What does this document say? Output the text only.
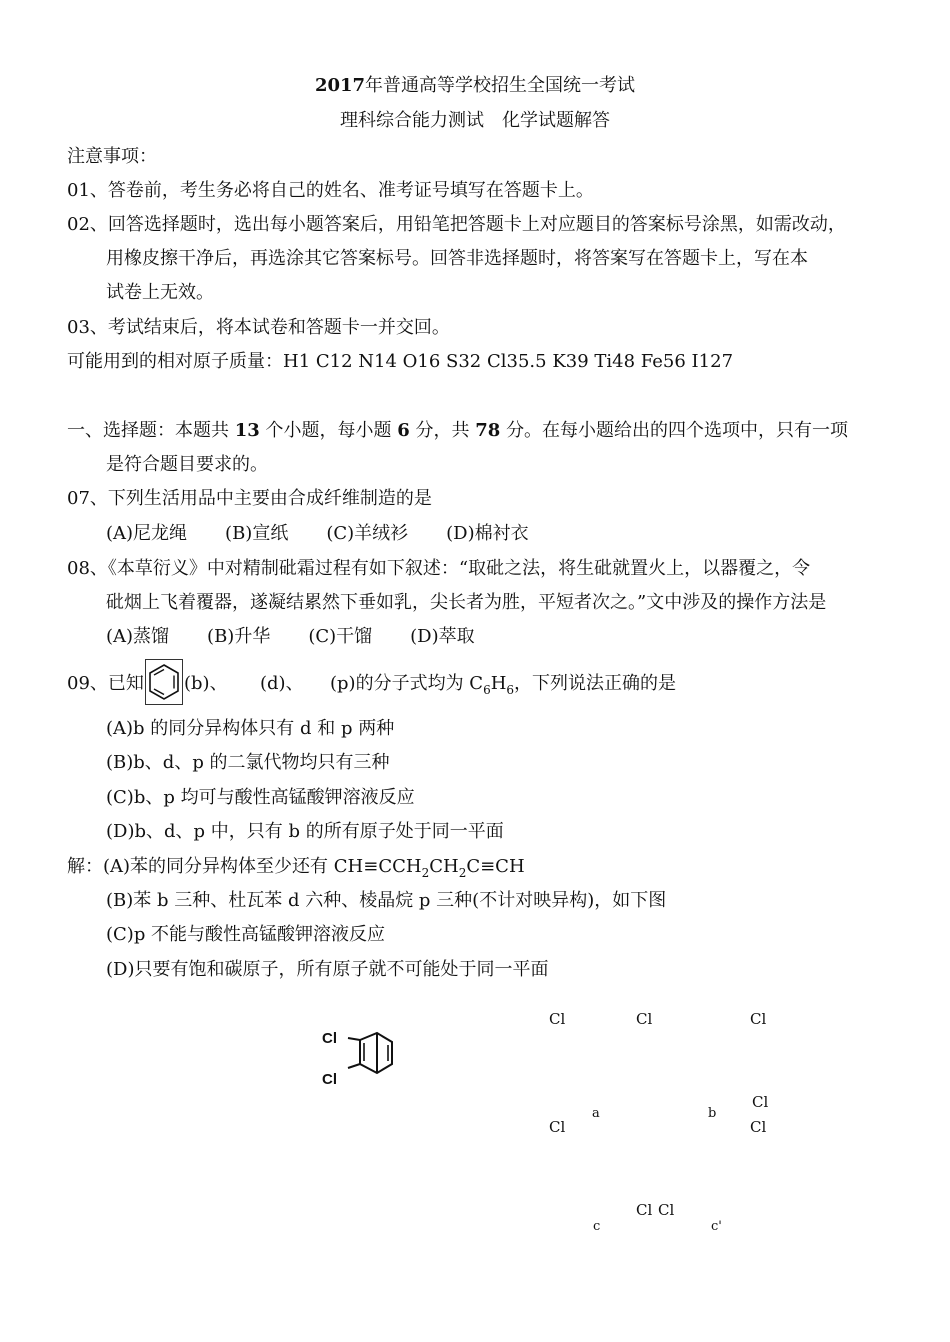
2017年普通高等学校招生全国统一考试
理科综合能力测试　化学试题解答
注意事项：
01、答卷前，考生务必将自己的姓名、准考证号填写在答题卡上。
02、回答选择题时，选出每小题答案后，用铅笔把答题卡上对应题目的答案标号涂黑，如需改动，
用橡皮擦干净后，再选涂其它答案标号。回答非选择题时，将答案写在答题卡上，写在本
试卷上无效。
03、考试结束后，将本试卷和答题卡一并交回。
可能用到的相对原子质量：H1 C12 N14 O16 S32 Cl35.5 K39 Ti48 Fe56 I127
一、选择题：本题共 13 个小题，每小题 6 分，共 78 分。在每小题给出的四个选项中，只有一项
是符合题目要求的。
07、下列生活用品中主要由合成纤维制造的是
(A)尼龙绳 (B)宣纸 (C)羊绒衫 (D)棉衬衣
08、《本草衍义》中对精制砒霜过程有如下叙述：“取砒之法，将生砒就置火上，以器覆之，令
砒烟上飞着覆器，遂凝结累然下垂如乳，尖长者为胜，平短者次之。”文中涉及的操作方法是
(A)蒸馏 (B)升华 (C)干馏 (D)萃取
09、已知 (b)、 (d)、 (p)的分子式均为 $C_6H_6$，下列说法正确的是
(A)b 的同分异构体只有 d 和 p 两种
(B)b、d、p 的二氯代物均只有三种
(C)b、p 均可与酸性高锰酸钾溶液反应
(D)b、d、p 中，只有 b 的所有原子处于同一平面
解：(A)苯的同分异构体至少还有 $CH\equiv CCH_2CH_2C\equiv CH$
(B)苯 b 三种、杜瓦苯 d 六种、棱晶烷 p 三种(不计对映异构)，如下图
(C)p 不能与酸性高锰酸钾溶液反应
(D)只要有饱和碳原子，所有原子就不可能处于同一平面
Cl
Cl
Cl	Cl	Cl
Cl
a	b
Cl	Cl
Cl Cl
c	c'
